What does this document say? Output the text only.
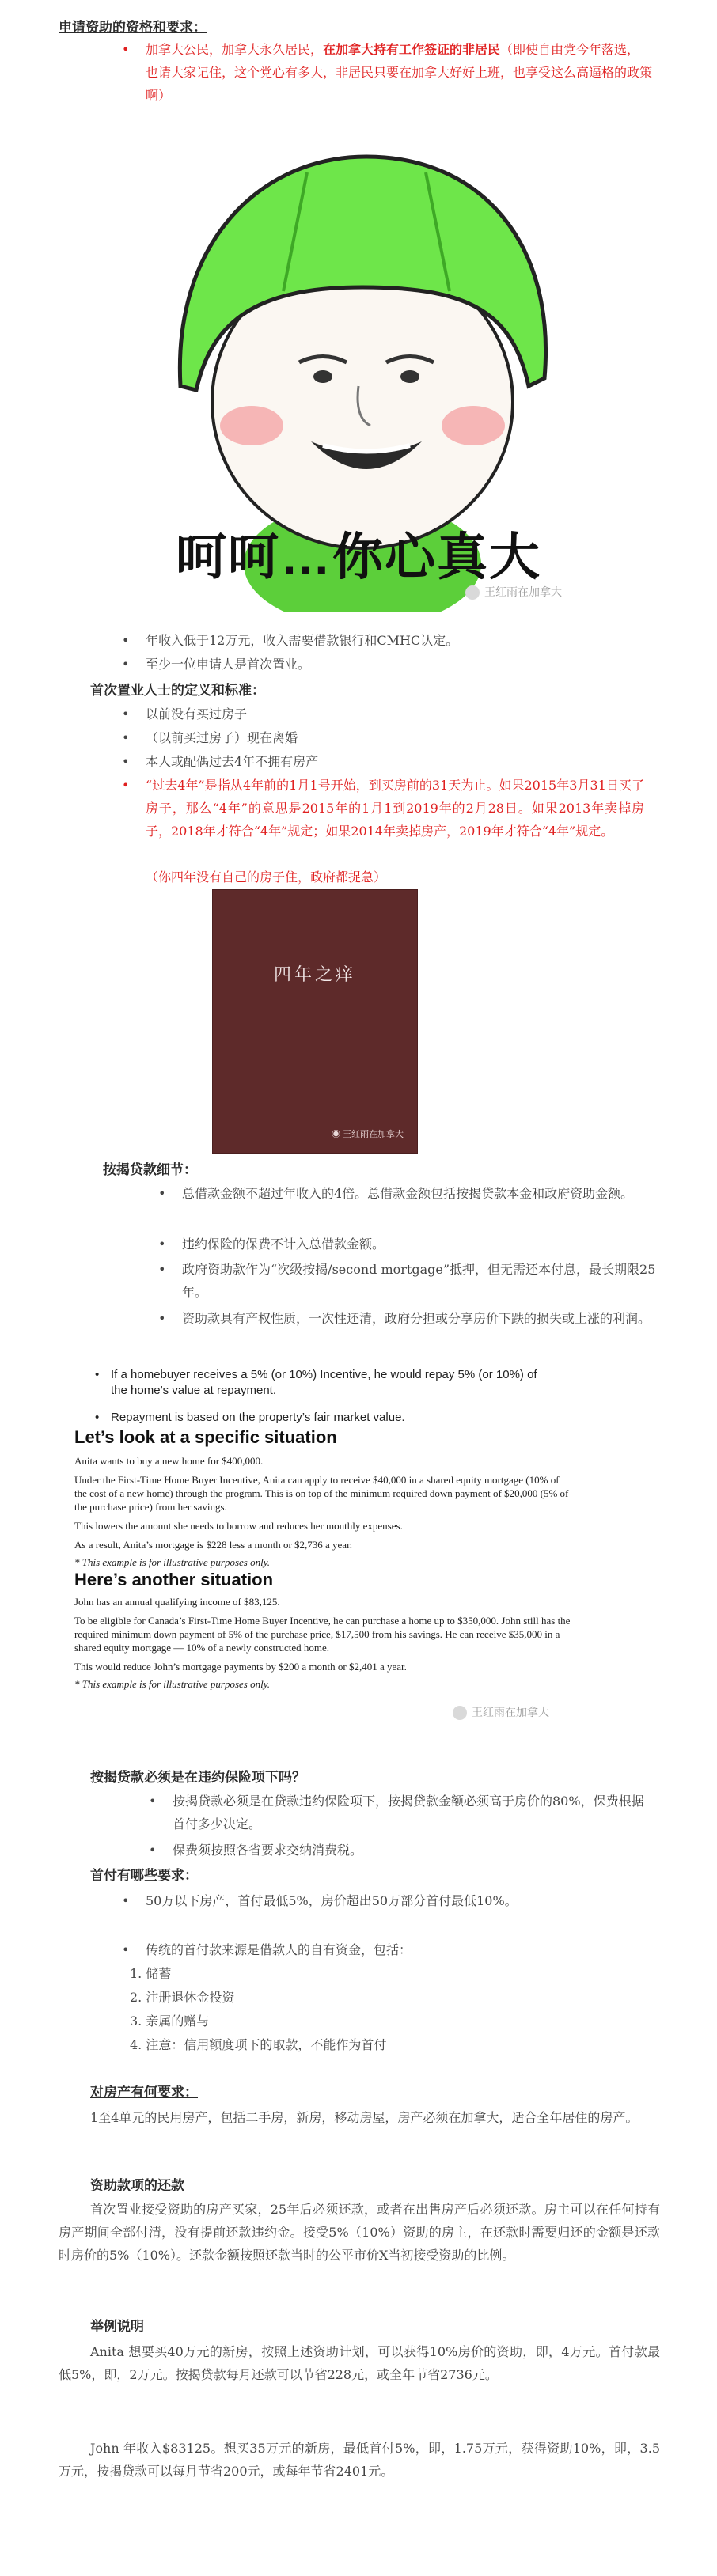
申请资助的资格和要求：
• 加拿大公民，加拿大永久居民，在加拿大持有工作签证的非居民（即使自由党今年落选，也请大家记住，这个党心有多大，非居民只要在加拿大好好上班，也享受这么高逼格的政策啊）
呵呵…你心真大
王红雨在加拿大
• 年收入低于12万元，收入需要借款银行和CMHC认定。
• 至少一位申请人是首次置业。
首次置业人士的定义和标准：
• 以前没有买过房子
• （以前买过房子）现在离婚
• 本人或配偶过去4年不拥有房产
• “过去4年”是指从4年前的1月1号开始，到买房前的31天为止。如果2015年3月31日买了房子，那么“4年”的意思是2015年的1月1到2019年的2月28日。如果2013年卖掉房子，2018年才符合“4年”规定；如果2014年卖掉房产，2019年才符合“4年”规定。
（你四年没有自己的房子住，政府都捉急）
四年之痒
◉ 王红雨在加拿大
按揭贷款细节：
• 总借款金额不超过年收入的4倍。总借款金额包括按揭贷款本金和政府资助金额。
• 违约保险的保费不计入总借款金额。
• 政府资助款作为“次级按揭/second mortgage”抵押，但无需还本付息，最长期限25年。
• 资助款具有产权性质，一次性还清，政府分担或分享房价下跌的损失或上涨的利润。
• If a homebuyer receives a 5% (or 10%) Incentive, he would repay 5% (or 10%) of the home’s value at repayment.
• Repayment is based on the property’s fair market value.
Let’s look at a specific situation
Anita wants to buy a new home for $400,000.
Under the First-Time Home Buyer Incentive, Anita can apply to receive $40,000 in a shared equity mortgage (10% of the cost of a new home) through the program. This is on top of the minimum required down payment of $20,000 (5% of the purchase price) from her savings.
This lowers the amount she needs to borrow and reduces her monthly expenses.
As a result, Anita’s mortgage is $228 less a month or $2,736 a year.
* This example is for illustrative purposes only.
Here’s another situation
John has an annual qualifying income of $83,125.
To be eligible for Canada’s First-Time Home Buyer Incentive, he can purchase a home up to $350,000. John still has the required minimum down payment of 5% of the purchase price, $17,500 from his savings. He can receive $35,000 in a shared equity mortgage — 10% of a newly constructed home.
This would reduce John’s mortgage payments by $200 a month or $2,401 a year.
* This example is for illustrative purposes only.
王红雨在加拿大
按揭贷款必须是在违约保险项下吗？
• 按揭贷款必须是在贷款违约保险项下，按揭贷款金额必须高于房价的80%，保费根据首付多少决定。
• 保费须按照各省要求交纳消费税。
首付有哪些要求：
• 50万以下房产，首付最低5%，房价超出50万部分首付最低10%。
• 传统的首付款来源是借款人的自有资金，包括：
1. 储蓄
2. 注册退休金投资
3. 亲属的赠与
4. 注意：信用额度项下的取款，不能作为首付
对房产有何要求：
1至4单元的民用房产，包括二手房，新房，移动房屋，房产必须在加拿大，适合全年居住的房产。
资助款项的还款
首次置业接受资助的房产买家，25年后必须还款，或者在出售房产后必须还款。房主可以在任何持有房产期间全部付清，没有提前还款违约金。接受5%（10%）资助的房主，在还款时需要归还的金额是还款时房价的5%（10%）。还款金额按照还款当时的公平市价X当初接受资助的比例。
举例说明
Anita 想要买40万元的新房，按照上述资助计划，可以获得10%房价的资助，即，4万元。首付款最低5%，即，2万元。按揭贷款每月还款可以节省228元，或全年节省2736元。
John 年收入$83125。想买35万元的新房，最低首付5%，即，1.75万元，获得资助10%，即，3.5万元，按揭贷款可以每月节省200元，或每年节省2401元。
